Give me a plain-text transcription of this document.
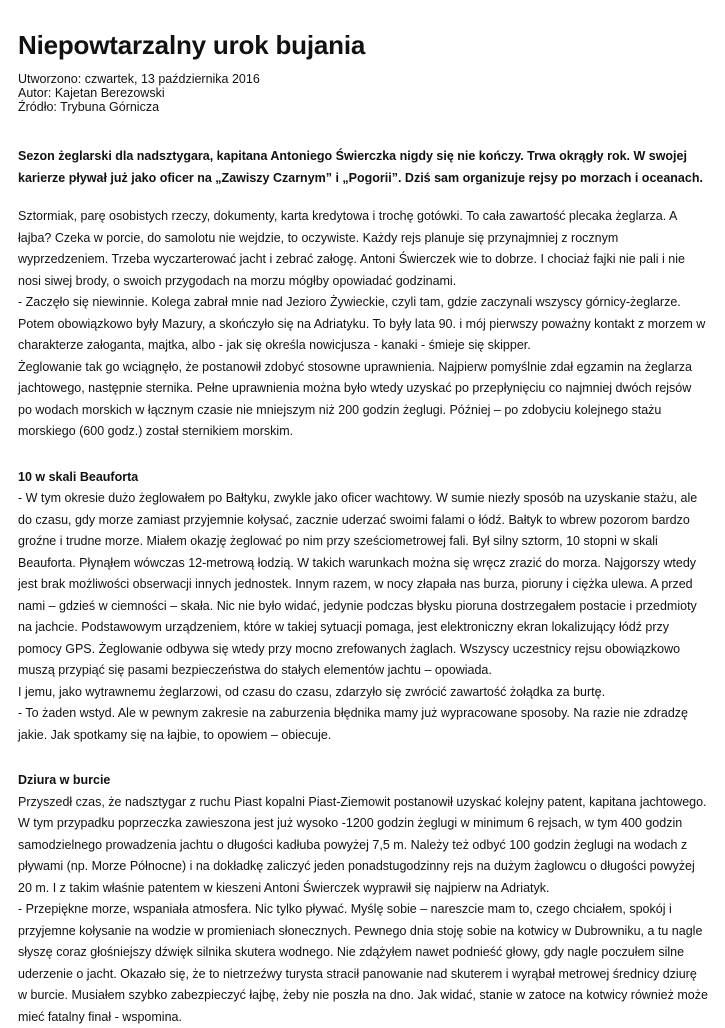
Niepowtarzalny urok bujania
Utworzono: czwartek, 13 października 2016
Autor: Kajetan Berezowski
Źródło: Trybuna Górnicza

Sezon żeglarski dla nadsztygara, kapitana Antoniego Świerczka nigdy się nie kończy. Trwa okrągły rok. W swojej karierze pływał już jako oficer na „Zawiszy Czarnym” i „Pogorii”. Dziś sam organizuje rejsy po morzach i oceanach.

Sztormiak, parę osobistych rzeczy, dokumenty, karta kredytowa i trochę gotówki. To cała zawartość plecaka żeglarza. A łajba? Czeka w porcie, do samolotu nie wejdzie, to oczywiste. Każdy rejs planuje się przynajmniej z rocznym wyprzedzeniem. Trzeba wyczarterować jacht i zebrać załogę. Antoni Świerczek wie to dobrze. I chociaż fajki nie pali i nie nosi siwej brody, o swoich przygodach na morzu mógłby opowiadać godzinami.

- Zaczęło się niewinnie. Kolega zabrał mnie nad Jezioro Żywieckie, czyli tam, gdzie zaczynali wszyscy górnicy-żeglarze. Potem obowiązkowo były Mazury, a skończyło się na Adriatyku. To były lata 90. i mój pierwszy poważny kontakt z morzem w charakterze załoganta, majtka, albo - jak się określa nowicjusza - kanaki - śmieje się skipper.

Żeglowanie tak go wciągnęło, że postanowił zdobyć stosowne uprawnienia. Najpierw pomyślnie zdał egzamin na żeglarza jachtowego, następnie sternika. Pełne uprawnienia można było wtedy uzyskać po przepłynięciu co najmniej dwóch rejsów po wodach morskich w łącznym czasie nie mniejszym niż 200 godzin żeglugi. Później – po zdobyciu kolejnego stażu morskiego (600 godz.) został sternikiem morskim.

10 w skali Beauforta

- W tym okresie dużo żeglowałem po Bałtyku, zwykle jako oficer wachtowy. W sumie niezły sposób na uzyskanie stażu, ale do czasu, gdy morze zamiast przyjemnie kołysać, zacznie uderzać swoimi falami o łódź. Bałtyk to wbrew pozorom bardzo groźne i trudne morze. Miałem okazję żeglować po nim przy sześciometrowej fali. Był silny sztorm, 10 stopni w skali Beauforta. Płynąłem wówczas 12-metrową łodzią. W takich warunkach można się wręcz zrazić do morza. Najgorszy wtedy jest brak możliwości obserwacji innych jednostek. Innym razem, w nocy złapała nas burza, pioruny i ciężka ulewa. A przed nami – gdzieś w ciemności – skała. Nic nie było widać, jedynie podczas błysku pioruna dostrzegałem postacie i przedmioty na jachcie. Podstawowym urządzeniem, które w takiej sytuacji pomaga, jest elektroniczny ekran lokalizujący łódź przy pomocy GPS. Żeglowanie odbywa się wtedy przy mocno zrefowanych żaglach. Wszyscy uczestnicy rejsu obowiązkowo muszą przypiąć się pasami bezpieczeństwa do stałych elementów jachtu – opowiada.

I jemu, jako wytrawnemu żeglarzowi, od czasu do czasu, zdarzyło się zwrócić zawartość żołądka za burtę.

- To żaden wstyd. Ale w pewnym zakresie na zaburzenia błędnika mamy już wypracowane sposoby. Na razie nie zdradzę jakie. Jak spotkamy się na łajbie, to opowiem – obiecuje.

Dziura w burcie

Przyszedł czas, że nadsztygar z ruchu Piast kopalni Piast-Ziemowit postanowił uzyskać kolejny patent, kapitana jachtowego. W tym przypadku poprzeczka zawieszona jest już wysoko -1200 godzin żeglugi w minimum 6 rejsach, w tym 400 godzin samodzielnego prowadzenia jachtu o długości kadłuba powyżej 7,5 m. Należy też odbyć 100 godzin żeglugi na wodach z pływami (np. Morze Północne) i na dokładkę zaliczyć jeden ponadstugodzinny rejs na dużym żaglowcu o długości powyżej 20 m. I z takim właśnie patentem w kieszeni Antoni Świerczek wyprawił się najpierw na Adriatyk.

- Przepiękne morze, wspaniała atmosfera. Nic tylko pływać. Myślę sobie – nareszcie mam to, czego chciałem, spokój i przyjemne kołysanie na wodzie w promieniach słonecznych. Pewnego dnia stoję sobie na kotwicy w Dubrowniku, a tu nagle słyszę coraz głośniejszy dźwięk silnika skutera wodnego. Nie zdążyłem nawet podnieść głowy, gdy nagle poczułem silne uderzenie o jacht. Okazało się, że to nietrzeźwy turysta stracił panowanie nad skuterem i wyrąbał metrowej średnicy dziurę w burcie. Musiałem szybko zabezpieczyć łajbę, żeby nie poszła na dno. Jak widać, stanie w zatoce na kotwicy również może mieć fatalny finał - wspomina.
